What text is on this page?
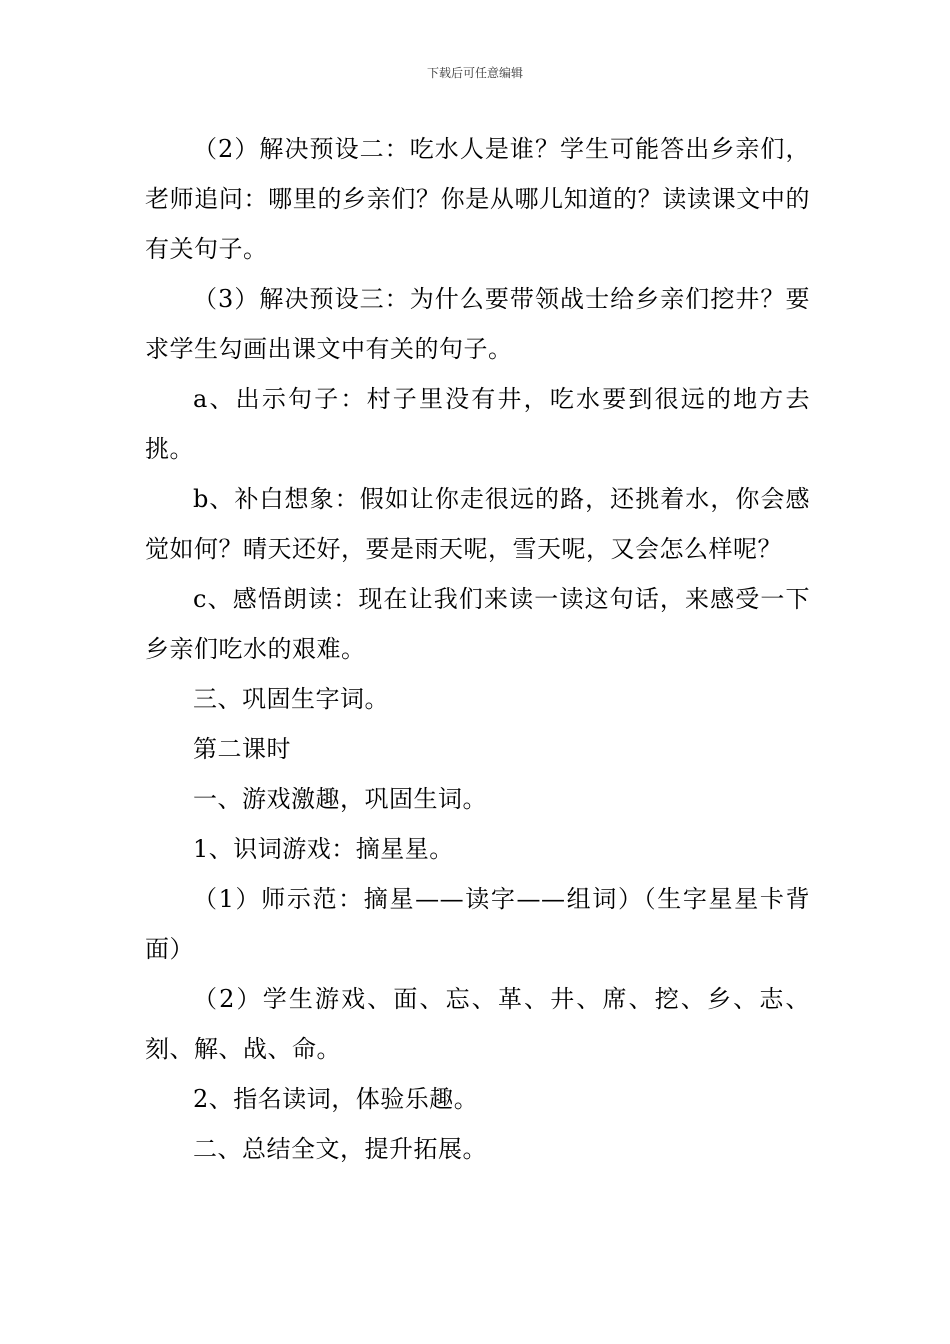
下载后可任意编辑

（2）解决预设二：吃水人是谁？学生可能答出乡亲们，老师追问：哪里的乡亲们？你是从哪儿知道的？读读课文中的有关句子。

（3）解决预设三：为什么要带领战士给乡亲们挖井？要求学生勾画出课文中有关的句子。

a、出示句子：村子里没有井，吃水要到很远的地方去挑。

b、补白想象：假如让你走很远的路，还挑着水，你会感觉如何？晴天还好，要是雨天呢，雪天呢，又会怎么样呢？

c、感悟朗读：现在让我们来读一读这句话，来感受一下乡亲们吃水的艰难。

三、巩固生字词。

第二课时

一、游戏激趣，巩固生词。

1、识词游戏：摘星星。

（1）师示范：摘星——读字——组词）（生字星星卡背面）

（2）学生游戏、面、忘、革、井、席、挖、乡、志、刻、解、战、命。

2、指名读词，体验乐趣。

二、总结全文，提升拓展。
